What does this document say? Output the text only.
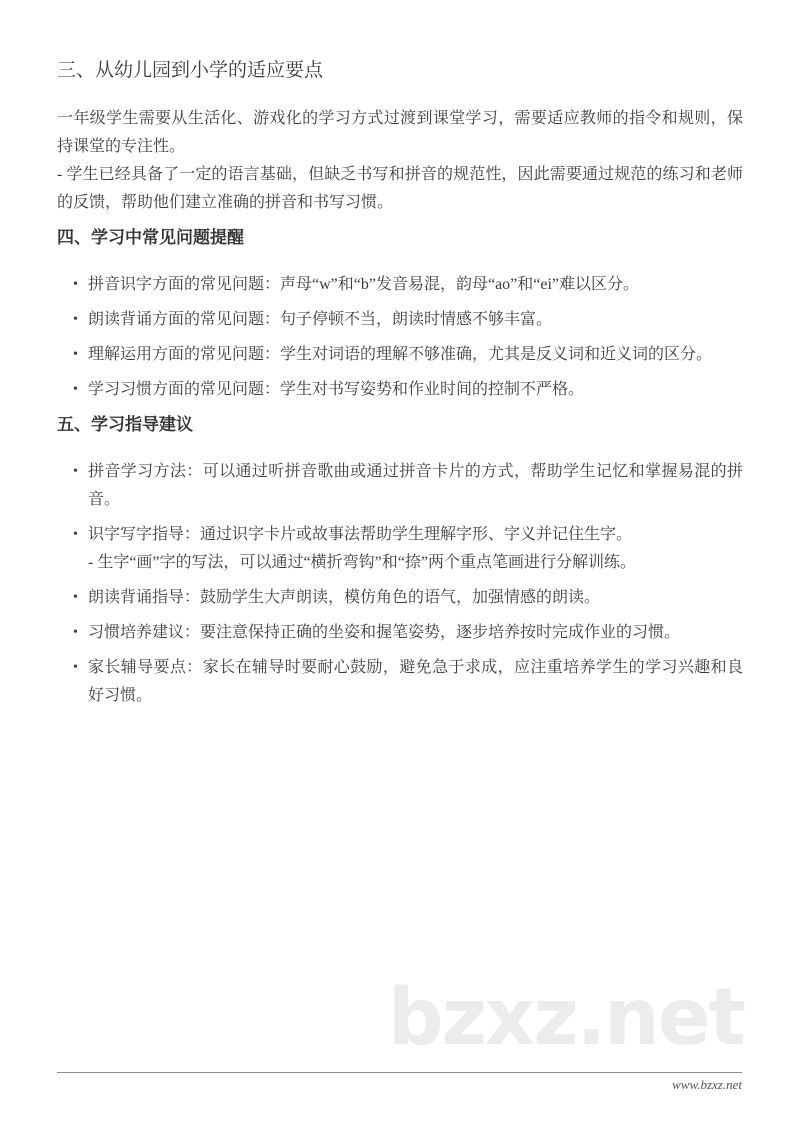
三、从幼儿园到小学的适应要点

一年级学生需要从生活化、游戏化的学习方式过渡到课堂学习，需要适应教师的指令和规则，保持课堂的专注性。

- 学生已经具备了一定的语言基础，但缺乏书写和拼音的规范性，因此需要通过规范的练习和老师的反馈，帮助他们建立准确的拼音和书写习惯。

四、学习中常见问题提醒
• 拼音识字方面的常见问题：声母“w”和“b”发音易混，韵母“ao”和“ei”难以区分。
• 朗读背诵方面的常见问题：句子停顿不当，朗读时情感不够丰富。
• 理解运用方面的常见问题：学生对词语的理解不够准确，尤其是反义词和近义词的区分。
• 学习习惯方面的常见问题：学生对书写姿势和作业时间的控制不严格。
五、学习指导建议
• 拼音学习方法：可以通过听拼音歌曲或通过拼音卡片的方式，帮助学生记忆和掌握易混的拼音。
• 识字写字指导：通过识字卡片或故事法帮助学生理解字形、字义并记住生字。
- 生字“画”字的写法，可以通过“横折弯钩”和“捺”两个重点笔画进行分解训练。
• 朗读背诵指导：鼓励学生大声朗读，模仿角色的语气，加强情感的朗读。
• 习惯培养建议：要注意保持正确的坐姿和握笔姿势，逐步培养按时完成作业的习惯。
• 家长辅导要点：家长在辅导时要耐心鼓励，避免急于求成，应注重培养学生的学习兴趣和良好习惯。
bzxz.net
www.bzxz.net
